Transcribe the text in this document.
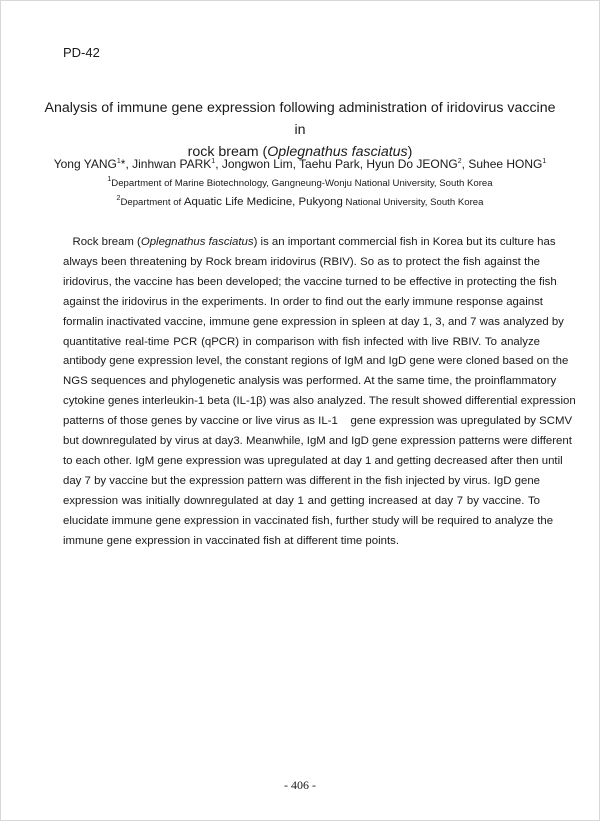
PD-42
Analysis of immune gene expression following administration of iridovirus vaccine in
rock bream (Oplegnathus fasciatus)
Yong YANG$^1$*, Jinhwan PARK$^1$, Jongwon Lim, Taehu Park, Hyun Do JEONG$^2$, Suhee HONG$^1$
$^1$Department of Marine Biotechnology, Gangneung-Wonju National University, South Korea
$^2$Department of Aquatic Life Medicine, Pukyong National University, South Korea
Rock bream (Oplegnathus fasciatus) is an important commercial fish in Korea but its culture has
always been threatening by Rock bream iridovirus (RBIV). So as to protect the fish against the
iridovirus, the vaccine has been developed; the vaccine turned to be effective in protecting the fish
against the iridovirus in the experiments. In order to find out the early immune response against
formalin inactivated vaccine, immune gene expression in spleen at day 1, 3, and 7 was analyzed by
quantitative real-time PCR (qPCR) in comparison with fish infected with live RBIV. To analyze
antibody gene expression level, the constant regions of IgM and IgD gene were cloned based on the
NGS sequences and phylogenetic analysis was performed. At the same time, the proinflammatory
cytokine genes interleukin-1 beta (IL-1β) was also analyzed. The result showed differential expression
patterns of those genes by vaccine or live virus as IL-1    gene expression was upregulated by SCMV
but downregulated by virus at day3. Meanwhile, IgM and IgD gene expression patterns were different
to each other. IgM gene expression was upregulated at day 1 and getting decreased after then until
day 7 by vaccine but the expression pattern was different in the fish injected by virus. IgD gene
expression was initially downregulated at day 1 and getting increased at day 7 by vaccine. To
elucidate immune gene expression in vaccinated fish, further study will be required to analyze the
immune gene expression in vaccinated fish at different time points.
- 406 -
